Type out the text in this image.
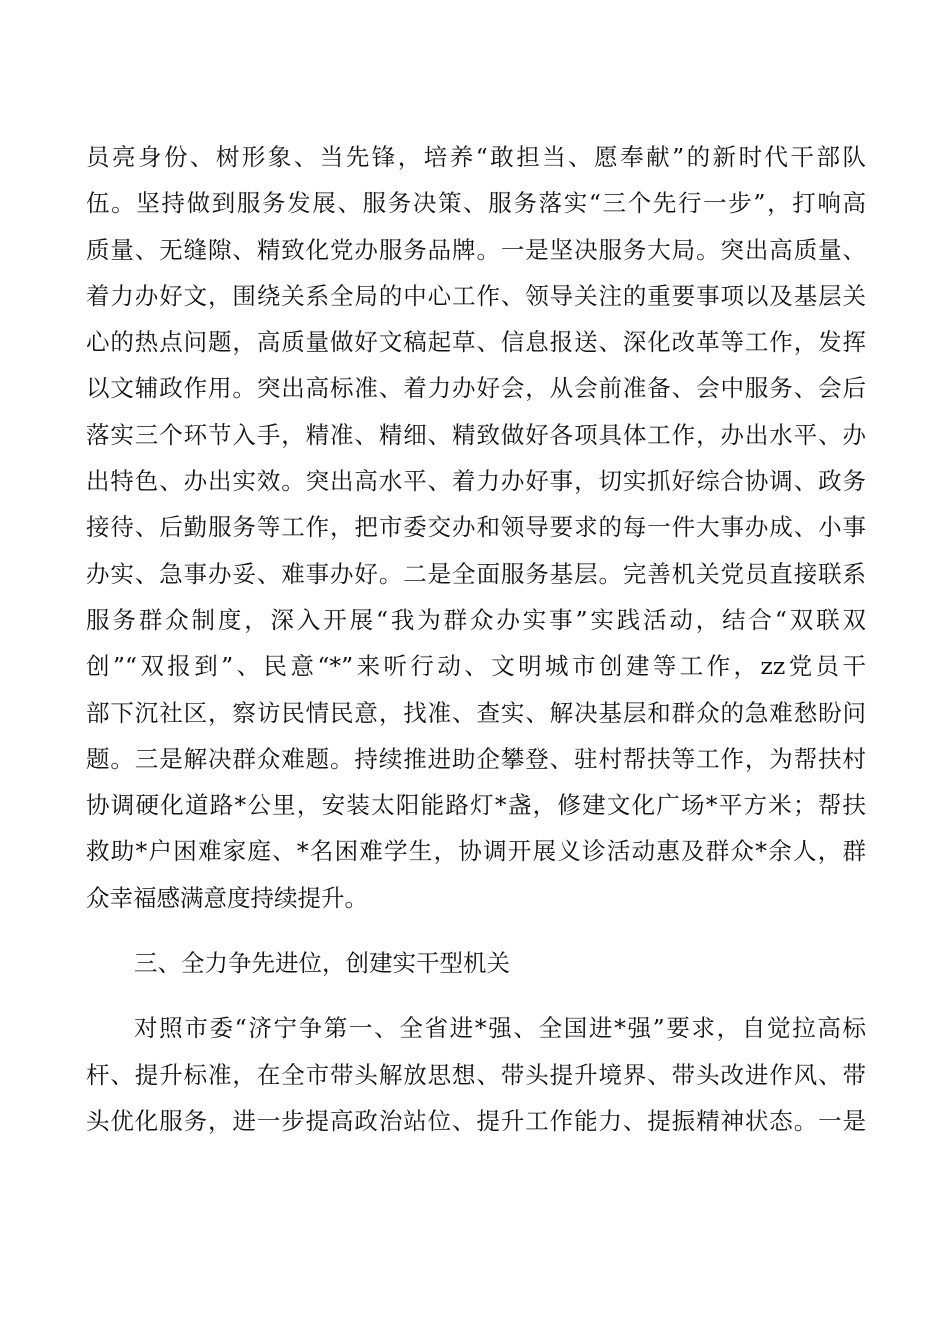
员亮身份、树形象、当先锋，培养“敢担当、愿奉献”的新时代干部队
伍。坚持做到服务发展、服务决策、服务落实“三个先行一步”，打响高
质量、无缝隙、精致化党办服务品牌。一是坚决服务大局。突出高质量、
着力办好文，围绕关系全局的中心工作、领导关注的重要事项以及基层关
心的热点问题，高质量做好文稿起草、信息报送、深化改革等工作，发挥
以文辅政作用。突出高标准、着力办好会，从会前准备、会中服务、会后
落实三个环节入手，精准、精细、精致做好各项具体工作，办出水平、办
出特色、办出实效。突出高水平、着力办好事，切实抓好综合协调、政务
接待、后勤服务等工作，把市委交办和领导要求的每一件大事办成、小事
办实、急事办妥、难事办好。二是全面服务基层。完善机关党员直接联系
服务群众制度，深入开展“我为群众办实事”实践活动，结合“双联双
创”“双报到”、民意“*”来听行动、文明城市创建等工作，zz党员干
部下沉社区，察访民情民意，找准、查实、解决基层和群众的急难愁盼问
题。三是解决群众难题。持续推进助企攀登、驻村帮扶等工作，为帮扶村
协调硬化道路*公里，安装太阳能路灯*盏，修建文化广场*平方米；帮扶
救助*户困难家庭、*名困难学生，协调开展义诊活动惠及群众*余人，群
众幸福感满意度持续提升。
三、全力争先进位，创建实干型机关
对照市委“济宁争第一、全省进*强、全国进*强”要求，自觉拉高标
杆、提升标准，在全市带头解放思想、带头提升境界、带头改进作风、带
头优化服务，进一步提高政治站位、提升工作能力、提振精神状态。一是
